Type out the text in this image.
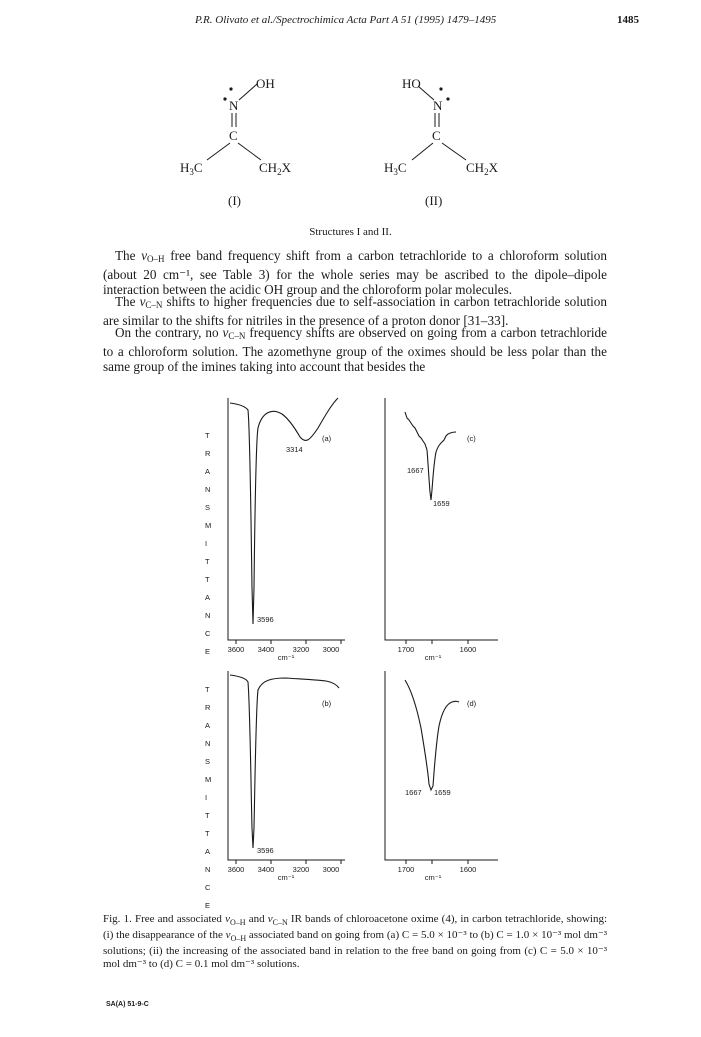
P.R. Olivato et al./Spectrochimica Acta Part A 51 (1995) 1479–1495	1485
OH
N
C
H3C	CH2X
(I)
HO
N
C
H3C	CH2X
(II)
Structures I and II.

The $\nu_{O-H}$ free band frequency shift from a carbon tetrachloride to a chloroform solution (about 20 cm⁻¹, see Table 3) for the whole series may be ascribed to the dipole–dipole interaction between the acidic OH group and the chloroform polar molecules.

The $\nu_{C-N}$ shifts to higher frequencies due to self-association in carbon tetrachloride solution are similar to the shifts for nitriles in the presence of a proton donor [31–33].

On the contrary, no $\nu_{C-N}$ frequency shifts are observed on going from a carbon tetrachloride to a chloroform solution. The azomethyne group of the oximes should be less polar than the same group of the imines taking into account that besides the

T
R
A
N
S
M
I
T
T
A
N
C
E
T
R
A
N
S
M
I
T
T
A
N
C
E
3600 3400 3200 3000
cm⁻¹
(a)
3314
3596
1700	1600
cm⁻¹
(c)
1667
1659
3600 3400 3200 3000
cm⁻¹
(b)
3596
1700	1600
cm⁻¹
(d)
1667 1659

Fig. 1. Free and associated $\nu_{O-H}$ and $\nu_{C-N}$ IR bands of chloroacetone oxime (4), in carbon tetrachloride, showing: (i) the disappearance of the $\nu_{O-H}$ associated band on going from (a) C = 5.0 × 10⁻³ to (b) C = 1.0 × 10⁻³ mol dm⁻³ solutions; (ii) the increasing of the associated band in relation to the free band on going from (c) C = 5.0 × 10⁻³ mol dm⁻³ to (d) C = 0.1 mol dm⁻³ solutions.

SA(A) 51-9-C
